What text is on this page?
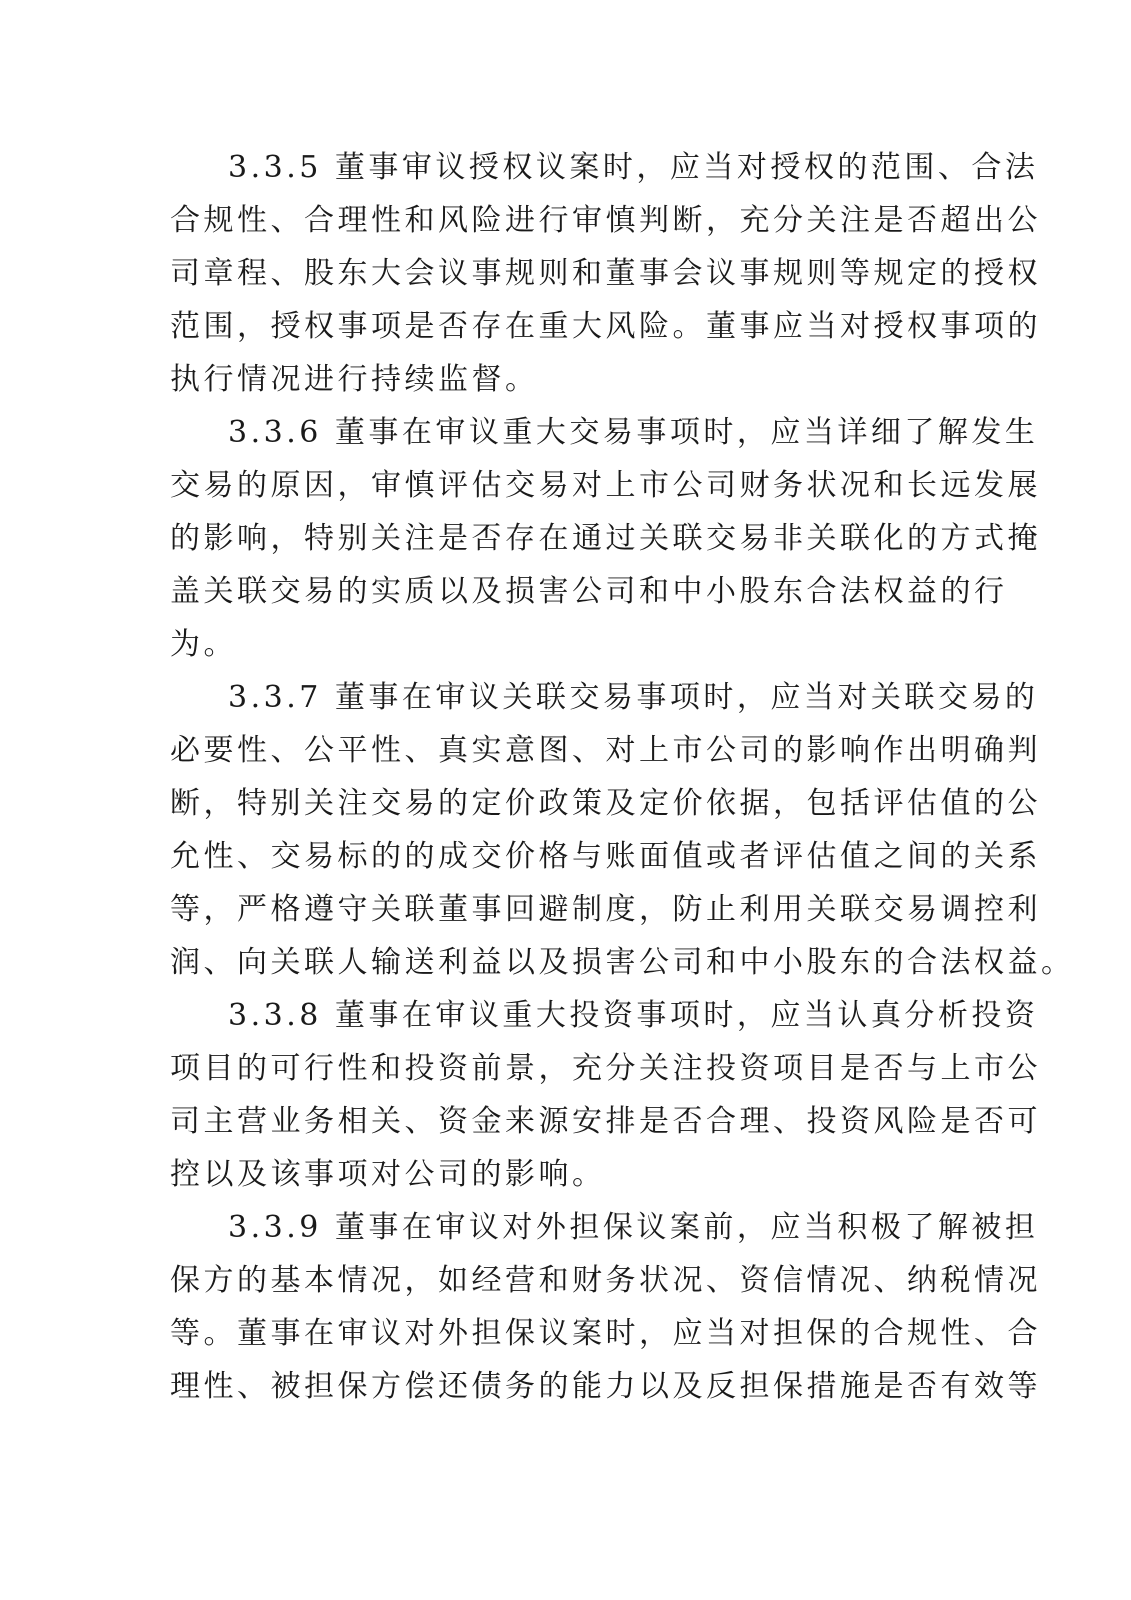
3.3.5 董事审议授权议案时，应当对授权的范围、合法
合规性、合理性和风险进行审慎判断，充分关注是否超出公
司章程、股东大会议事规则和董事会议事规则等规定的授权
范围，授权事项是否存在重大风险。董事应当对授权事项的
执行情况进行持续监督。
3.3.6 董事在审议重大交易事项时，应当详细了解发生
交易的原因，审慎评估交易对上市公司财务状况和长远发展
的影响，特别关注是否存在通过关联交易非关联化的方式掩
盖关联交易的实质以及损害公司和中小股东合法权益的行
为。
3.3.7 董事在审议关联交易事项时，应当对关联交易的
必要性、公平性、真实意图、对上市公司的影响作出明确判
断，特别关注交易的定价政策及定价依据，包括评估值的公
允性、交易标的的成交价格与账面值或者评估值之间的关系
等，严格遵守关联董事回避制度，防止利用关联交易调控利
润、向关联人输送利益以及损害公司和中小股东的合法权益。
3.3.8 董事在审议重大投资事项时，应当认真分析投资
项目的可行性和投资前景，充分关注投资项目是否与上市公
司主营业务相关、资金来源安排是否合理、投资风险是否可
控以及该事项对公司的影响。
3.3.9 董事在审议对外担保议案前，应当积极了解被担
保方的基本情况，如经营和财务状况、资信情况、纳税情况
等。董事在审议对外担保议案时，应当对担保的合规性、合
理性、被担保方偿还债务的能力以及反担保措施是否有效等
